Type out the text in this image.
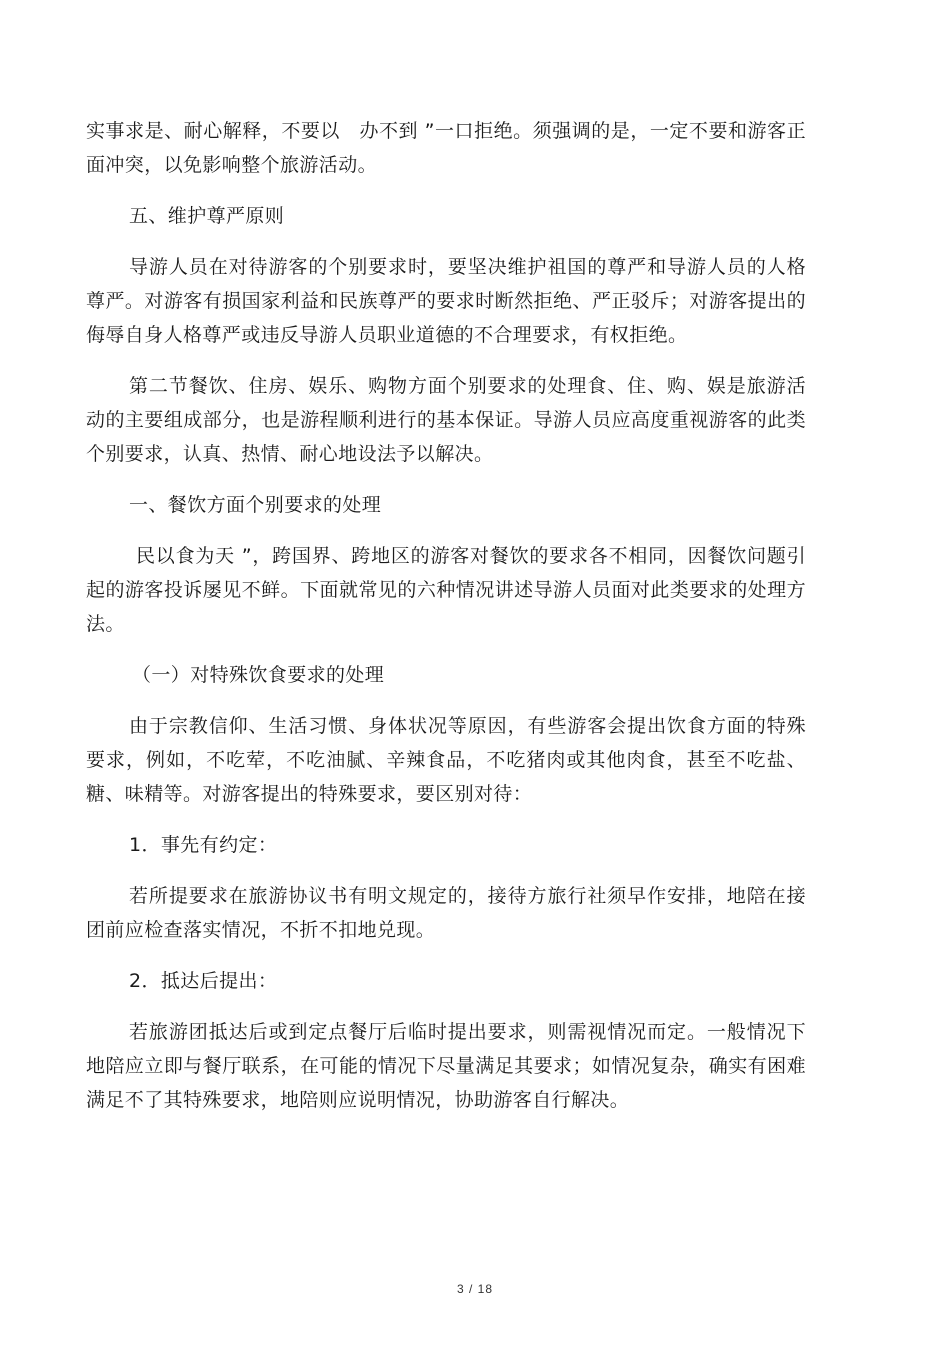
实事求是、耐心解释，不要以　办不到 ”一口拒绝。须强调的是，一定不要和游客正面冲突，以免影响整个旅游活动。

五、维护尊严原则

导游人员在对待游客的个别要求时，要坚决维护祖国的尊严和导游人员的人格尊严。对游客有损国家利益和民族尊严的要求时断然拒绝、严正驳斥；对游客提出的侮辱自身人格尊严或违反导游人员职业道德的不合理要求，有权拒绝。

第二节餐饮、住房、娱乐、购物方面个别要求的处理食、住、购、娱是旅游活动的主要组成部分，也是游程顺利进行的基本保证。导游人员应高度重视游客的此类个别要求，认真、热情、耐心地设法予以解决。

一、餐饮方面个别要求的处理

民以食为天 ”，跨国界、跨地区的游客对餐饮的要求各不相同，因餐饮问题引起的游客投诉屡见不鲜。下面就常见的六种情况讲述导游人员面对此类要求的处理方法。

（一）对特殊饮食要求的处理

由于宗教信仰、生活习惯、身体状况等原因，有些游客会提出饮食方面的特殊要求，例如，不吃荤，不吃油腻、辛辣食品，不吃猪肉或其他肉食，甚至不吃盐、糖、味精等。对游客提出的特殊要求，要区别对待：

1．事先有约定：

若所提要求在旅游协议书有明文规定的，接待方旅行社须早作安排，地陪在接团前应检查落实情况，不折不扣地兑现。

2．抵达后提出：

若旅游团抵达后或到定点餐厅后临时提出要求，则需视情况而定。一般情况下地陪应立即与餐厅联系，在可能的情况下尽量满足其要求；如情况复杂，确实有困难满足不了其特殊要求，地陪则应说明情况，协助游客自行解决。

3 / 18
